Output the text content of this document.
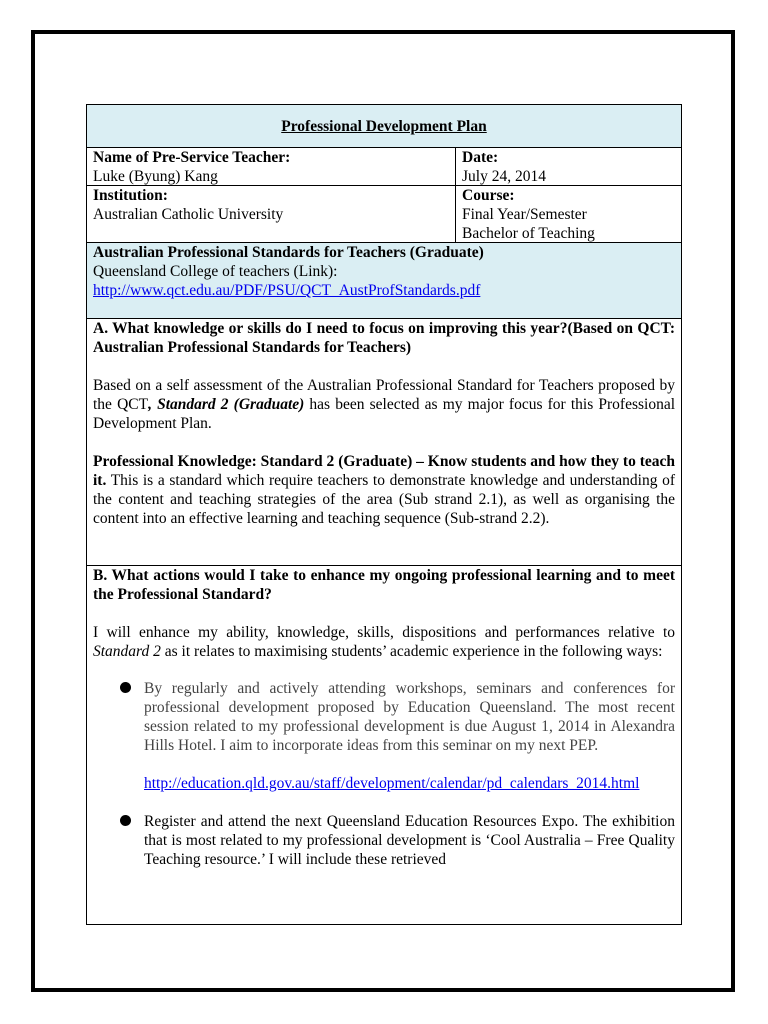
Professional Development Plan
Name of Pre-Service Teacher:
Luke (Byung) Kang
Date:
July 24, 2014
Institution:
Australian Catholic University
Course:
Final Year/Semester
Bachelor of Teaching
Australian Professional Standards for Teachers (Graduate)
Queensland College of teachers (Link):
http://www.qct.edu.au/PDF/PSU/QCT_AustProfStandards.pdf
A. What knowledge or skills do I need to focus on improving this year?(Based on QCT: Australian Professional Standards for Teachers)
Based on a self assessment of the Australian Professional Standard for Teachers proposed by the QCT, Standard 2 (Graduate) has been selected as my major focus for this Professional Development Plan.
Professional Knowledge: Standard 2 (Graduate) – Know students and how they to teach it. This is a standard which require teachers to demonstrate knowledge and understanding of the content and teaching strategies of the area (Sub strand 2.1), as well as organising the content into an effective learning and teaching sequence (Sub-strand 2.2).
B. What actions would I take to enhance my ongoing professional learning and to meet the Professional Standard?
I will enhance my ability, knowledge, skills, dispositions and performances relative to Standard 2 as it relates to maximising students’ academic experience in the following ways:
By regularly and actively attending workshops, seminars and conferences for professional development proposed by Education Queensland. The most recent session related to my professional development is due August 1, 2014 in Alexandra Hills Hotel. I aim to incorporate ideas from this seminar on my next PEP.
http://education.qld.gov.au/staff/development/calendar/pd_calendars_2014.html
Register and attend the next Queensland Education Resources Expo. The exhibition that is most related to my professional development is ‘Cool Australia – Free Quality Teaching resource.’ I will include these retrieved
